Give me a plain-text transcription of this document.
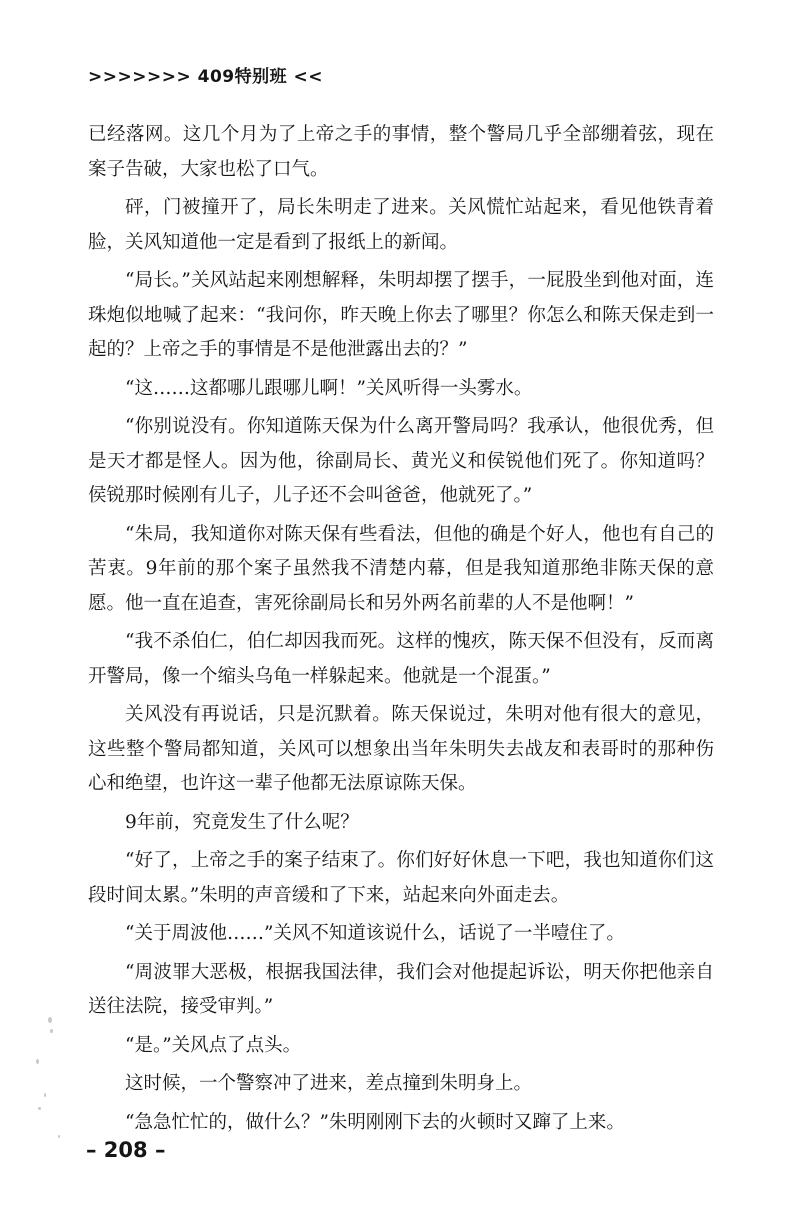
>>>>>>> 409特别班 <<

已经落网。这几个月为了上帝之手的事情，整个警局几乎全部绷着弦，现在案子告破，大家也松了口气。

砰，门被撞开了，局长朱明走了进来。关风慌忙站起来，看见他铁青着脸，关风知道他一定是看到了报纸上的新闻。

“局长。”关风站起来刚想解释，朱明却摆了摆手，一屁股坐到他对面，连珠炮似地喊了起来：“我问你，昨天晚上你去了哪里？你怎么和陈天保走到一起的？上帝之手的事情是不是他泄露出去的？”

“这……这都哪儿跟哪儿啊！”关风听得一头雾水。

“你别说没有。你知道陈天保为什么离开警局吗？我承认，他很优秀，但是天才都是怪人。因为他，徐副局长、黄光义和侯锐他们死了。你知道吗？侯锐那时候刚有儿子，儿子还不会叫爸爸，他就死了。”

“朱局，我知道你对陈天保有些看法，但他的确是个好人，他也有自己的苦衷。9年前的那个案子虽然我不清楚内幕，但是我知道那绝非陈天保的意愿。他一直在追查，害死徐副局长和另外两名前辈的人不是他啊！”

“我不杀伯仁，伯仁却因我而死。这样的愧疚，陈天保不但没有，反而离开警局，像一个缩头乌龟一样躲起来。他就是一个混蛋。”

关风没有再说话，只是沉默着。陈天保说过，朱明对他有很大的意见，这些整个警局都知道，关风可以想象出当年朱明失去战友和表哥时的那种伤心和绝望，也许这一辈子他都无法原谅陈天保。

9年前，究竟发生了什么呢？

“好了，上帝之手的案子结束了。你们好好休息一下吧，我也知道你们这段时间太累。”朱明的声音缓和了下来，站起来向外面走去。

“关于周波他……”关风不知道该说什么，话说了一半噎住了。

“周波罪大恶极，根据我国法律，我们会对他提起诉讼，明天你把他亲自送往法院，接受审判。”

“是。”关风点了点头。

这时候，一个警察冲了进来，差点撞到朱明身上。

“急急忙忙的，做什么？”朱明刚刚下去的火顿时又蹿了上来。

– 208 –
